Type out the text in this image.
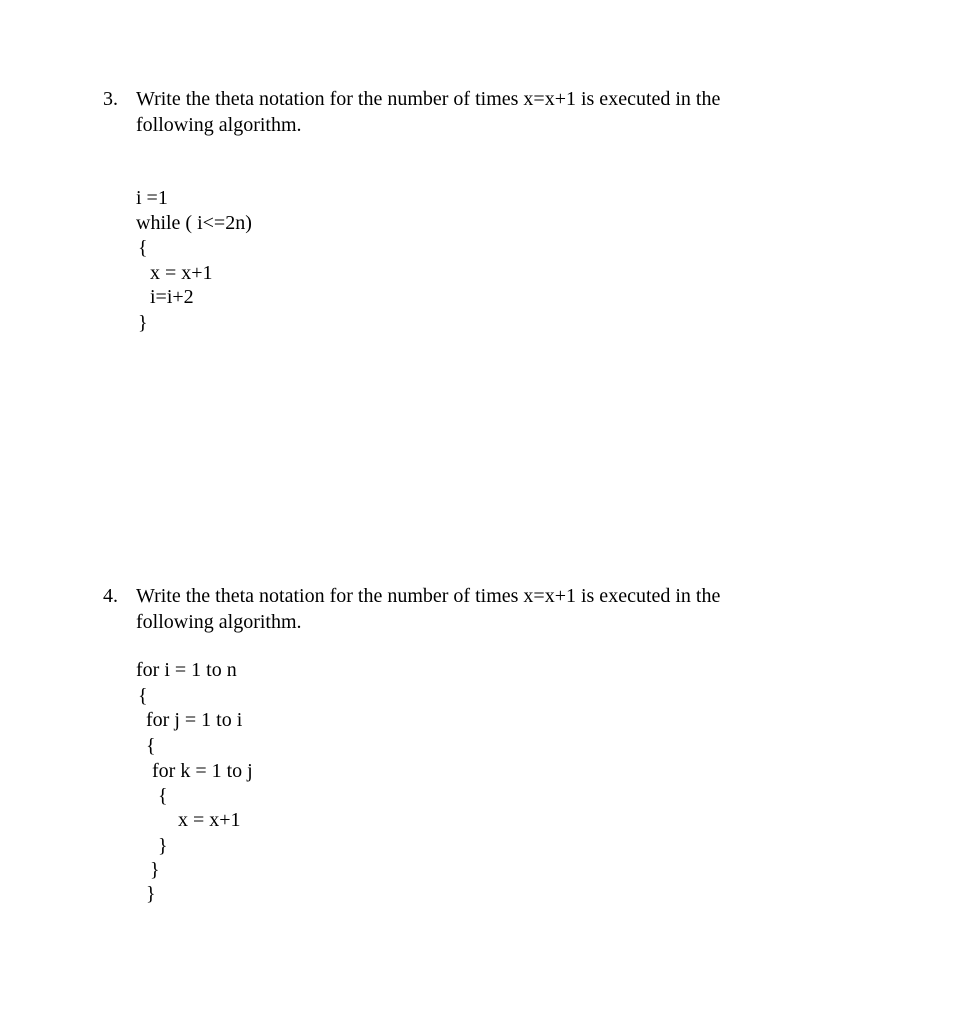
3. Write the theta notation for the number of times x=x+1 is executed in the
following algorithm.
i =1
while ( i<=2n)
{
x = x+1
i=i+2
}
4. Write the theta notation for the number of times x=x+1 is executed in the
following algorithm.
for i = 1 to n
{
for j = 1 to i
{
for k = 1 to j
{
x = x+1
}
}
}
